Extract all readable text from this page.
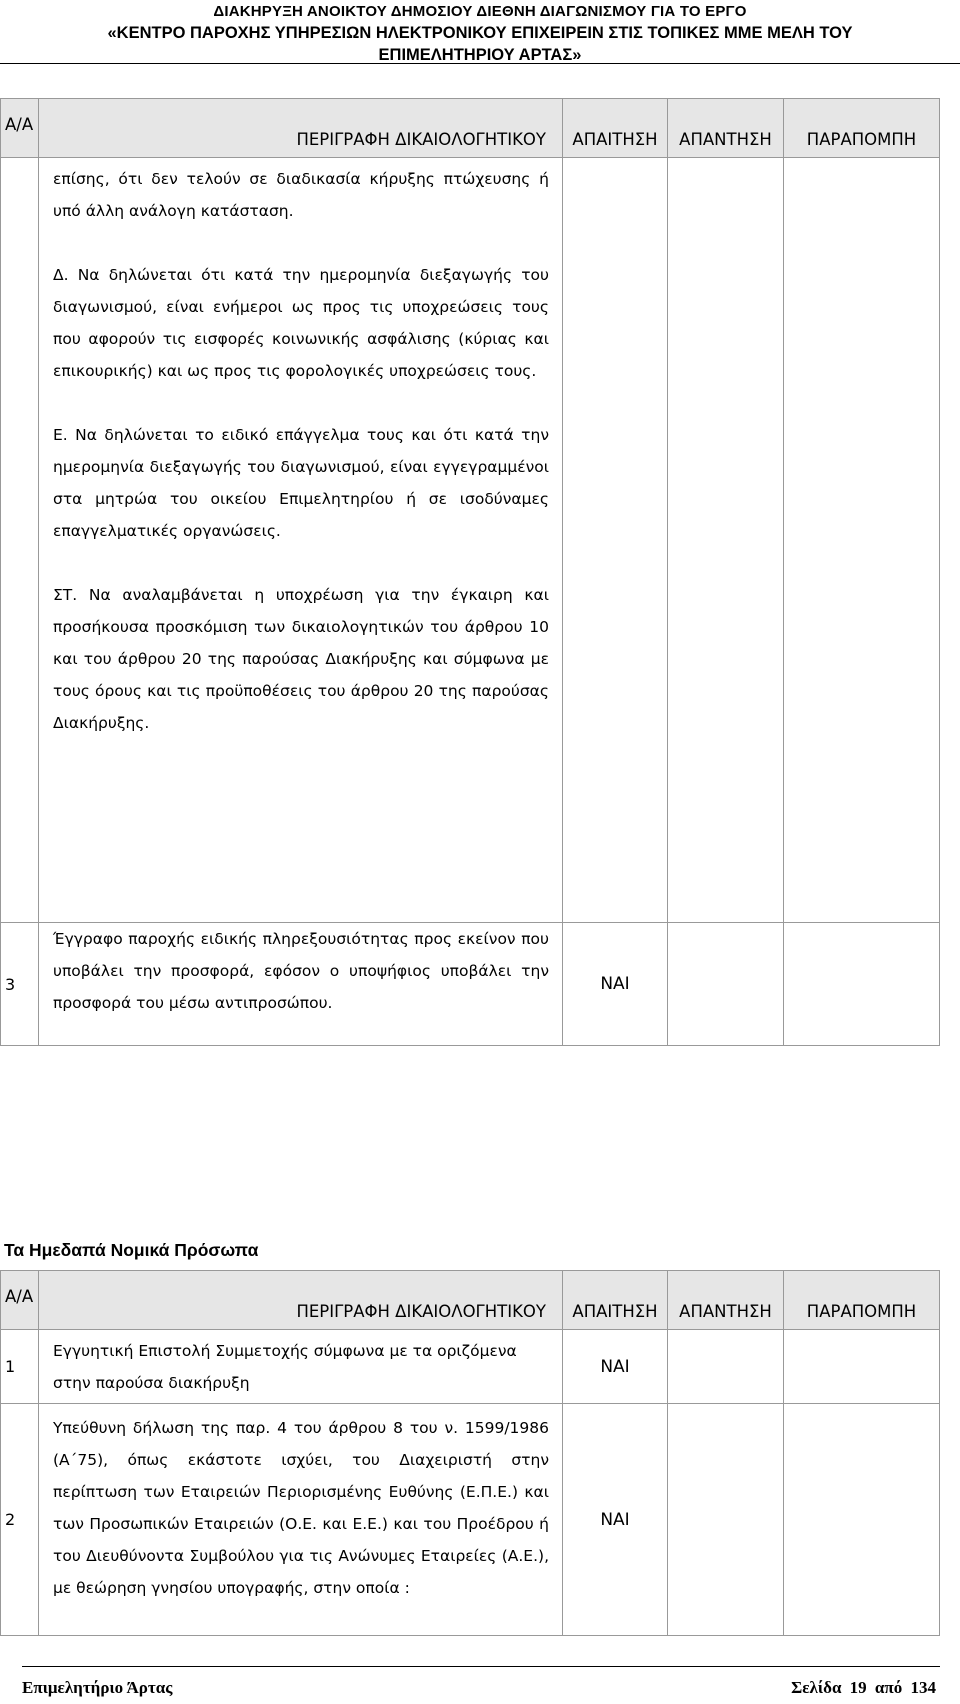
ΔΙΑΚΗΡΥΞΗ ΑΝΟΙΚΤΟΥ ΔΗΜΟΣΙΟΥ ΔΙΕΘΝΗ ΔΙΑΓΩΝΙΣΜΟΥ ΓΙΑ ΤΟ ΕΡΓΟ
«ΚΕΝΤΡΟ ΠΑΡΟΧΗΣ ΥΠΗΡΕΣΙΩΝ ΗΛΕΚΤΡΟΝΙΚΟΥ ΕΠΙΧΕΙΡΕΙΝ ΣΤΙΣ ΤΟΠΙΚΕΣ ΜΜΕ ΜΕΛΗ ΤΟΥ
ΕΠΙΜΕΛΗΤΗΡΙΟΥ ΑΡΤΑΣ»
Α/Α	ΠΕΡΙΓΡΑΦΗ ΔΙΚΑΙΟΛΟΓΗΤΙΚΟΥ	ΑΠΑΙΤΗΣΗ	ΑΠΑΝΤΗΣΗ	ΠΑΡΑΠΟΜΠΗ

	επίσης, ότι δεν τελούν σε διαδικασία κήρυξης πτώχευσης ή υπό άλλη ανάλογη κατάσταση.
Δ. Να δηλώνεται ότι κατά την ημερομηνία διεξαγωγής του διαγωνισμού, είναι ενήμεροι ως προς τις υποχρεώσεις τους που αφορούν τις εισφορές κοινωνικής ασφάλισης (κύριας και επικουρικής) και ως προς τις φορολογικές υποχρεώσεις τους.
Ε. Να δηλώνεται το ειδικό επάγγελμα τους και ότι κατά την ημερομηνία διεξαγωγής του διαγωνισμού, είναι εγγεγραμμένοι στα μητρώα του οικείου Επιμελητηρίου ή σε ισοδύναμες επαγγελματικές οργανώσεις.
ΣΤ. Να αναλαμβάνεται η υποχρέωση για την έγκαιρη και προσήκουσα προσκόμιση των δικαιολογητικών του άρθρου 10 και του άρθρου 20 της παρούσας Διακήρυξης και σύμφωνα με τους όρους και τις προϋποθέσεις του άρθρου 20 της παρούσας Διακήρυξης.			

3	Έγγραφο παροχής ειδικής πληρεξουσιότητας προς εκείνον που υποβάλει την προσφορά, εφόσον ο υποψήφιος υποβάλει την προσφορά του μέσω αντιπροσώπου.	ΝΑΙ		
Τα Ημεδαπά Νομικά Πρόσωπα
Α/Α	ΠΕΡΙΓΡΑΦΗ ΔΙΚΑΙΟΛΟΓΗΤΙΚΟΥ	ΑΠΑΙΤΗΣΗ	ΑΠΑΝΤΗΣΗ	ΠΑΡΑΠΟΜΠΗ
1	Εγγυητική Επιστολή Συμμετοχής σύμφωνα με τα οριζόμενα στην παρούσα διακήρυξη	ΝΑΙ		
2	Υπεύθυνη δήλωση της παρ. 4 του άρθρου 8 του ν. 1599/1986 (Α΄75), όπως εκάστοτε ισχύει, του Διαχειριστή στην περίπτωση των Εταιρειών Περιορισμένης Ευθύνης (Ε.Π.Ε.) και των Προσωπικών Εταιρειών (Ο.Ε. και Ε.Ε.) και του Προέδρου ή του Διευθύνοντα Συμβούλου για τις Ανώνυμες Εταιρείες (Α.Ε.), με θεώρηση γνησίου υπογραφής, στην οποία :	ΝΑΙ		
Επιμελητήριο Άρτας	Σελίδα 19 από 134
